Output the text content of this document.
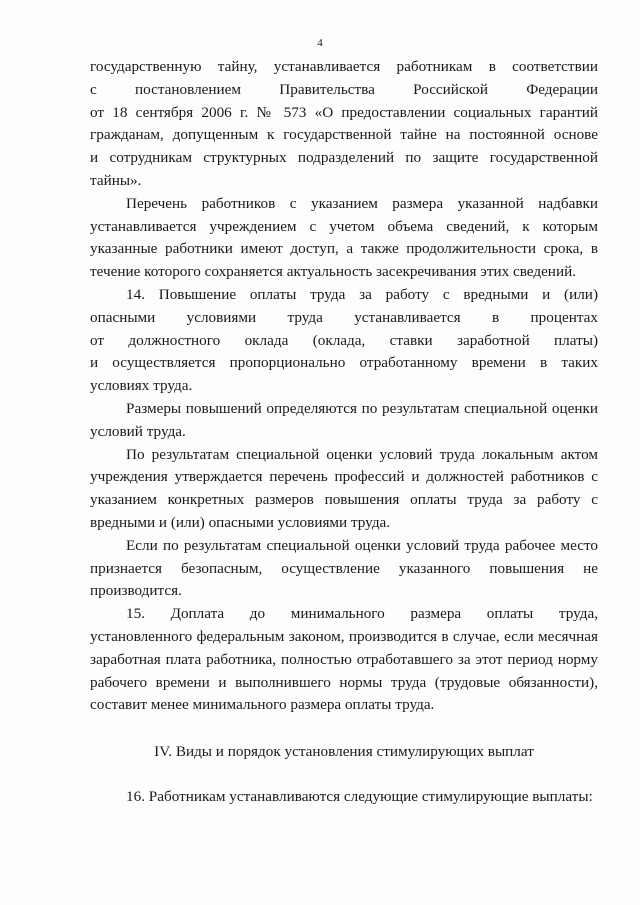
4

государственную тайну, устанавливается работникам в соответствии
с постановлением Правительства Российской Федерации
от 18 сентября 2006 г. № 573 «О предоставлении социальных гарантий
гражданам, допущенным к государственной тайне на постоянной основе
и сотрудникам структурных подразделений по защите государственной
тайны».

Перечень работников с указанием размера указанной надбавки устанавливается учреждением с учетом объема сведений, к которым указанные работники имеют доступ, а также продолжительности срока, в течение которого сохраняется актуальность засекречивания этих сведений.

14. Повышение оплаты труда за работу с вредными и (или)
опасными условиями труда устанавливается в процентах
от должностного оклада (оклада, ставки заработной платы)
и осуществляется пропорционально отработанному времени в таких условиях труда.

Размеры повышений определяются по результатам специальной оценки условий труда.

По результатам специальной оценки условий труда локальным актом учреждения утверждается перечень профессий и должностей работников с указанием конкретных размеров повышения оплаты труда за работу с вредными и (или) опасными условиями труда.

Если по результатам специальной оценки условий труда рабочее место признается безопасным, осуществление указанного повышения не производится.

15. Доплата до минимального размера оплаты труда,
установленного федеральным законом, производится в случае, если месячная заработная плата работника, полностью отработавшего за этот период норму рабочего времени и выполнившего нормы труда (трудовые обязанности), составит менее минимального размера оплаты труда.

IV. Виды и порядок установления стимулирующих выплат

16. Работникам устанавливаются следующие стимулирующие выплаты:
